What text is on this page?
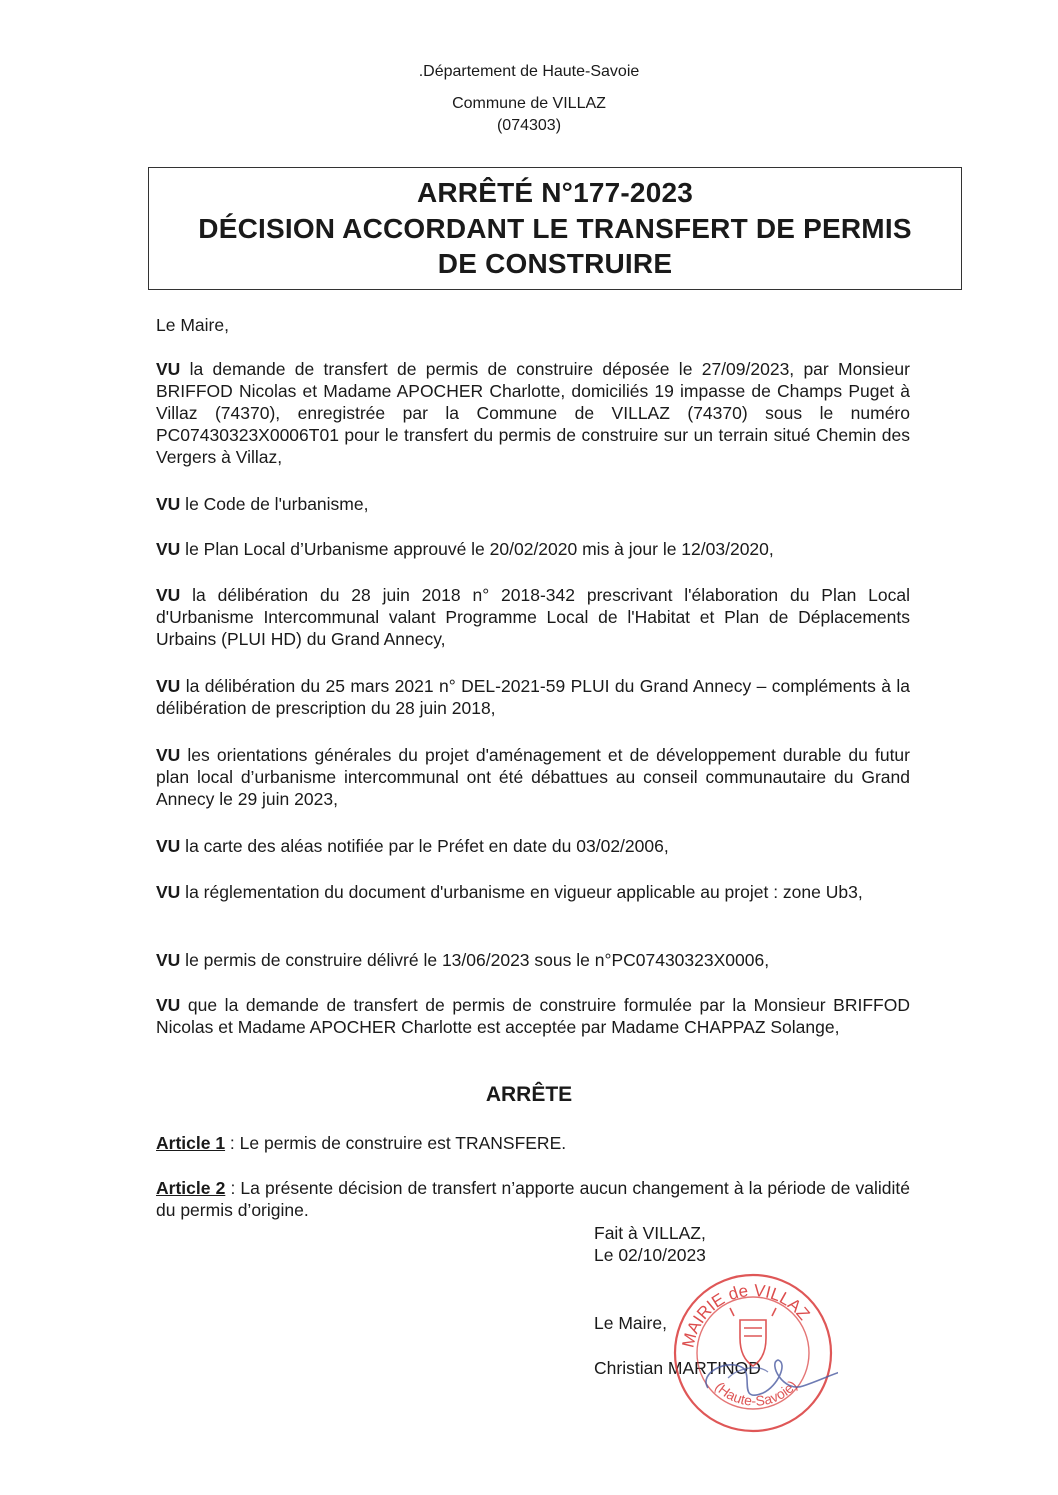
.Département de Haute-Savoie
Commune de VILLAZ
(074303)
ARRÊTÉ N°177-2023
DÉCISION ACCORDANT LE TRANSFERT DE PERMIS
DE CONSTRUIRE
Le Maire,
VU la demande de transfert de permis de construire déposée le 27/09/2023, par Monsieur BRIFFOD Nicolas et Madame APOCHER Charlotte, domiciliés 19 impasse de Champs Puget à Villaz (74370), enregistrée par la Commune de VILLAZ (74370) sous le numéro PC07430323X0006T01 pour le transfert du permis de construire sur un terrain situé Chemin des Vergers à Villaz,
VU le Code de l'urbanisme,
VU le Plan Local d’Urbanisme approuvé le 20/02/2020 mis à jour le 12/03/2020,
VU la délibération du 28 juin 2018 n° 2018-342 prescrivant l'élaboration du Plan Local d'Urbanisme Intercommunal valant Programme Local de l'Habitat et Plan de Déplacements Urbains (PLUI HD) du Grand Annecy,
VU la délibération du 25 mars 2021 n° DEL-2021-59 PLUI du Grand Annecy – compléments à la délibération de prescription du 28 juin 2018,
VU les orientations générales du projet d'aménagement et de développement durable du futur plan local d’urbanisme intercommunal ont été débattues au conseil communautaire du Grand Annecy le 29 juin 2023,
VU la carte des aléas notifiée par le Préfet en date du 03/02/2006,
VU la réglementation du document d'urbanisme en vigueur applicable au projet : zone Ub3,
VU le permis de construire délivré le 13/06/2023 sous le n°PC07430323X0006,
VU que la demande de transfert de permis de construire formulée par la Monsieur BRIFFOD Nicolas et Madame APOCHER Charlotte est acceptée par Madame CHAPPAZ Solange,
ARRÊTE
Article 1 : Le permis de construire est TRANSFERE.
Article 2 : La présente décision de transfert n’apporte aucun changement à la période de validité du permis d’origine.
Fait à VILLAZ,
Le 02/10/2023
Le Maire,
Christian MARTINOD
MAIRIE de VILLAZ
(Haute-Savoie)
